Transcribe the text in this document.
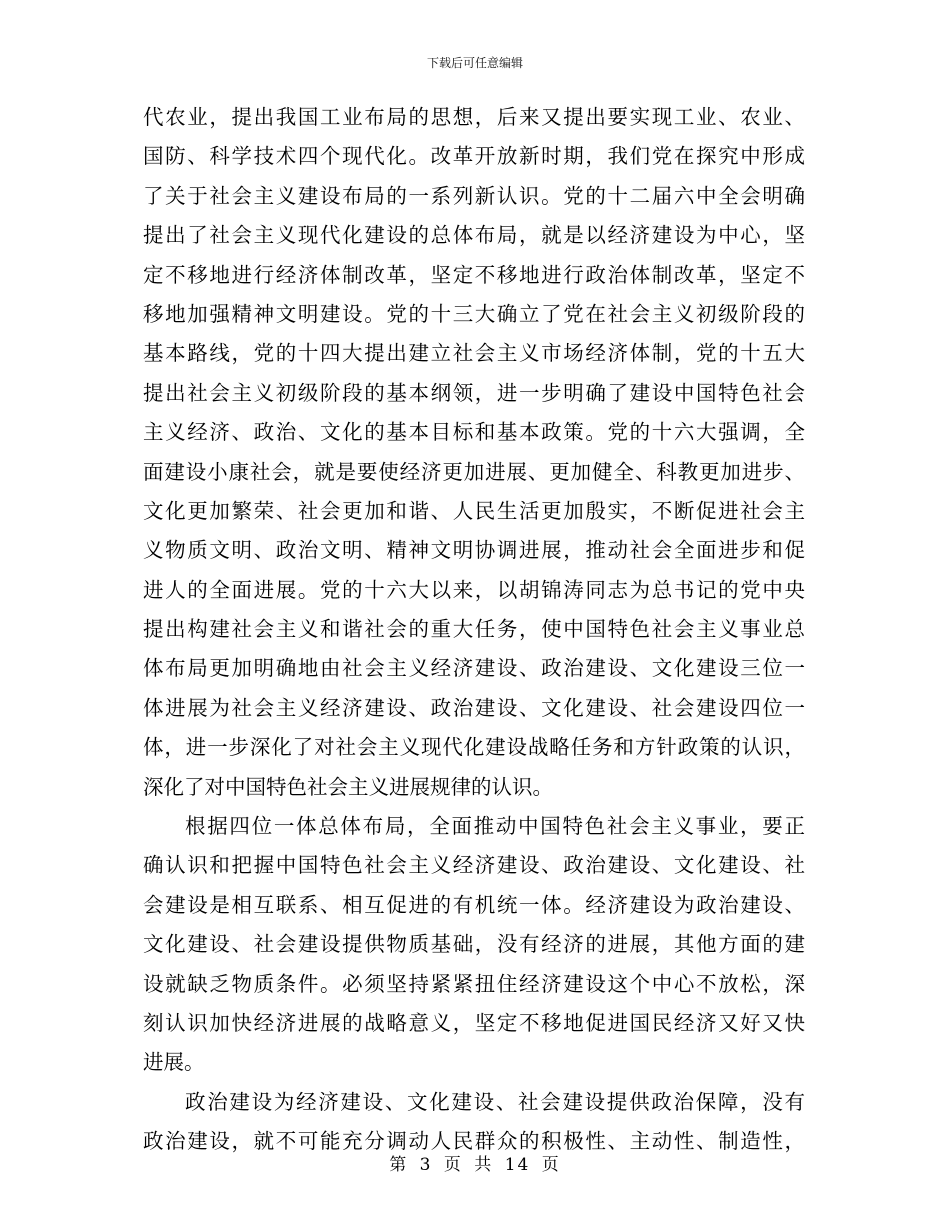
下载后可任意编辑
代农业，提出我国工业布局的思想，后来又提出要实现工业、农业、
国防、科学技术四个现代化。改革开放新时期，我们党在探究中形成
了关于社会主义建设布局的一系列新认识。党的十二届六中全会明确
提出了社会主义现代化建设的总体布局，就是以经济建设为中心，坚
定不移地进行经济体制改革，坚定不移地进行政治体制改革，坚定不
移地加强精神文明建设。党的十三大确立了党在社会主义初级阶段的
基本路线，党的十四大提出建立社会主义市场经济体制，党的十五大
提出社会主义初级阶段的基本纲领，进一步明确了建设中国特色社会
主义经济、政治、文化的基本目标和基本政策。党的十六大强调，全
面建设小康社会，就是要使经济更加进展、更加健全、科教更加进步、
文化更加繁荣、社会更加和谐、人民生活更加殷实，不断促进社会主
义物质文明、政治文明、精神文明协调进展，推动社会全面进步和促
进人的全面进展。党的十六大以来，以胡锦涛同志为总书记的党中央
提出构建社会主义和谐社会的重大任务，使中国特色社会主义事业总
体布局更加明确地由社会主义经济建设、政治建设、文化建设三位一
体进展为社会主义经济建设、政治建设、文化建设、社会建设四位一
体，进一步深化了对社会主义现代化建设战略任务和方针政策的认识，
深化了对中国特色社会主义进展规律的认识。
根据四位一体总体布局，全面推动中国特色社会主义事业，要正
确认识和把握中国特色社会主义经济建设、政治建设、文化建设、社
会建设是相互联系、相互促进的有机统一体。经济建设为政治建设、
文化建设、社会建设提供物质基础，没有经济的进展，其他方面的建
设就缺乏物质条件。必须坚持紧紧扭住经济建设这个中心不放松，深
刻认识加快经济进展的战略意义，坚定不移地促进国民经济又好又快
进展。
政治建设为经济建设、文化建设、社会建设提供政治保障，没有
政治建设，就不可能充分调动人民群众的积极性、主动性、制造性，
第 3 页 共 14 页
